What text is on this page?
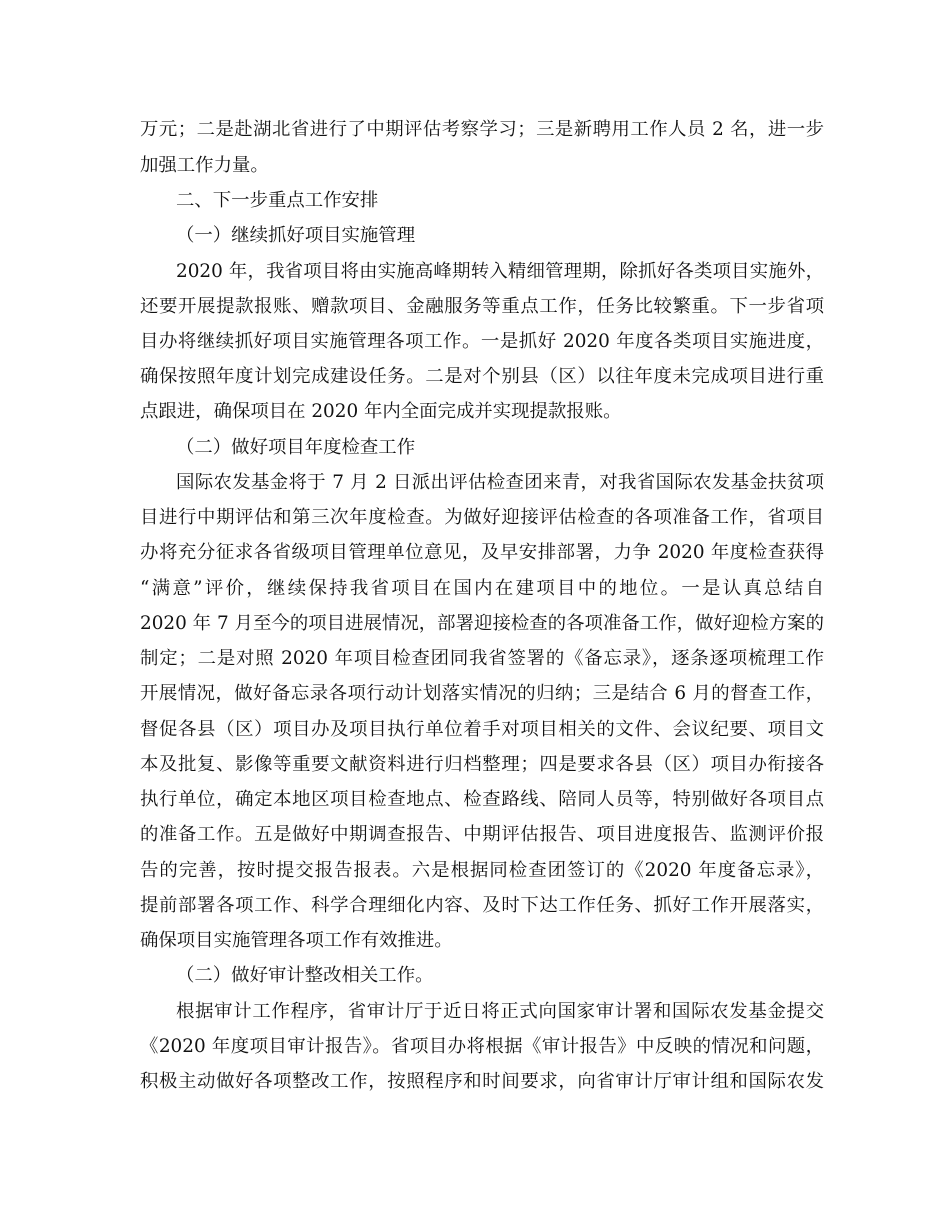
万元；二是赴湖北省进行了中期评估考察学习；三是新聘用工作人员 2 名，进一步
加强工作力量。
二、下一步重点工作安排
（一）继续抓好项目实施管理
2020 年，我省项目将由实施高峰期转入精细管理期，除抓好各类项目实施外，
还要开展提款报账、赠款项目、金融服务等重点工作，任务比较繁重。下一步省项
目办将继续抓好项目实施管理各项工作。一是抓好 2020 年度各类项目实施进度，
确保按照年度计划完成建设任务。二是对个别县（区）以往年度未完成项目进行重
点跟进，确保项目在 2020 年内全面完成并实现提款报账。
（二）做好项目年度检查工作
国际农发基金将于 7 月 2 日派出评估检查团来青，对我省国际农发基金扶贫项
目进行中期评估和第三次年度检查。为做好迎接评估检查的各项准备工作，省项目
办将充分征求各省级项目管理单位意见，及早安排部署，力争 2020 年度检查获得
“满意”评价，继续保持我省项目在国内在建项目中的地位。一是认真总结自
2020 年 7 月至今的项目进展情况，部署迎接检查的各项准备工作，做好迎检方案的
制定；二是对照 2020 年项目检查团同我省签署的《备忘录》，逐条逐项梳理工作
开展情况，做好备忘录各项行动计划落实情况的归纳；三是结合 6 月的督查工作，
督促各县（区）项目办及项目执行单位着手对项目相关的文件、会议纪要、项目文
本及批复、影像等重要文献资料进行归档整理；四是要求各县（区）项目办衔接各
执行单位，确定本地区项目检查地点、检查路线、陪同人员等，特别做好各项目点
的准备工作。五是做好中期调查报告、中期评估报告、项目进度报告、监测评价报
告的完善，按时提交报告报表。六是根据同检查团签订的《2020 年度备忘录》，
提前部署各项工作、科学合理细化内容、及时下达工作任务、抓好工作开展落实，
确保项目实施管理各项工作有效推进。
（二）做好审计整改相关工作。
根据审计工作程序，省审计厅于近日将正式向国家审计署和国际农发基金提交
《2020 年度项目审计报告》。省项目办将根据《审计报告》中反映的情况和问题，
积极主动做好各项整改工作，按照程序和时间要求，向省审计厅审计组和国际农发
